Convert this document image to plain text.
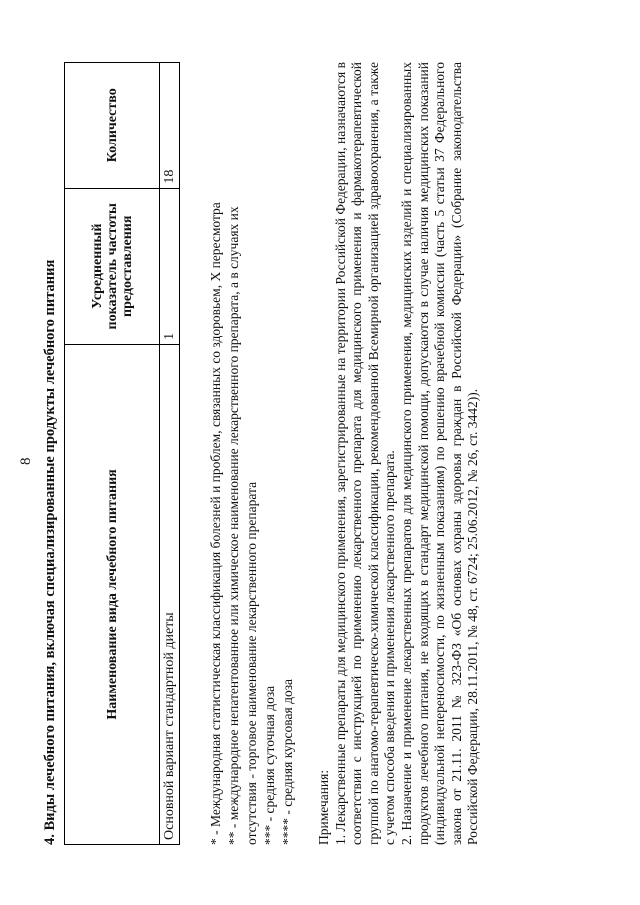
8 4. Виды лечебного питания, включая специализированные продукты лечебного питания	Наименование вида лечебного питания	Усредненный показатель частоты предоставления	Количество
Основной вариант стандартной диеты	1	18
* - Международная статистическая классификация болезней и проблем, связанных со здоровьем, X пересмотра ** - международное непатентованное или химическое наименование лекарственного препарата, а в случаях их отсутствия - торговое наименование лекарственного препарата *** - средняя суточная доза **** - средняя курсовая доза Примечания: 1. Лекарственные препараты для медицинского применения, зарегистрированные на территории Российской Федерации, назначаются в соответствии с инструкцией по применению лекарственного препарата для медицинского применения и фармакотерапевтической группой по анатомо-терапевтическо-химической классификации, рекомендованной Всемирной организацией здравоохранения, а также с учетом способа введения и применения лекарственного препарата. 2. Назначение и применение лекарственных препаратов для медицинского применения, медицинских изделий и специализированных продуктов лечебного питания, не входящих в стандарт медицинской помощи, допускаются в случае наличия медицинских показаний (индивидуальной непереносимости, по жизненным показаниям) по решению врачебной комиссии (часть 5 статьи 37 Федерального закона от 21.11. 2011 № 323-ФЗ «Об основах охраны здоровья граждан в Российской Федерации» (Собрание законодательства Российской Федерации, 28.11.2011, № 48, ст. 6724; 25.06.2012, № 26, ст. 3442)).
